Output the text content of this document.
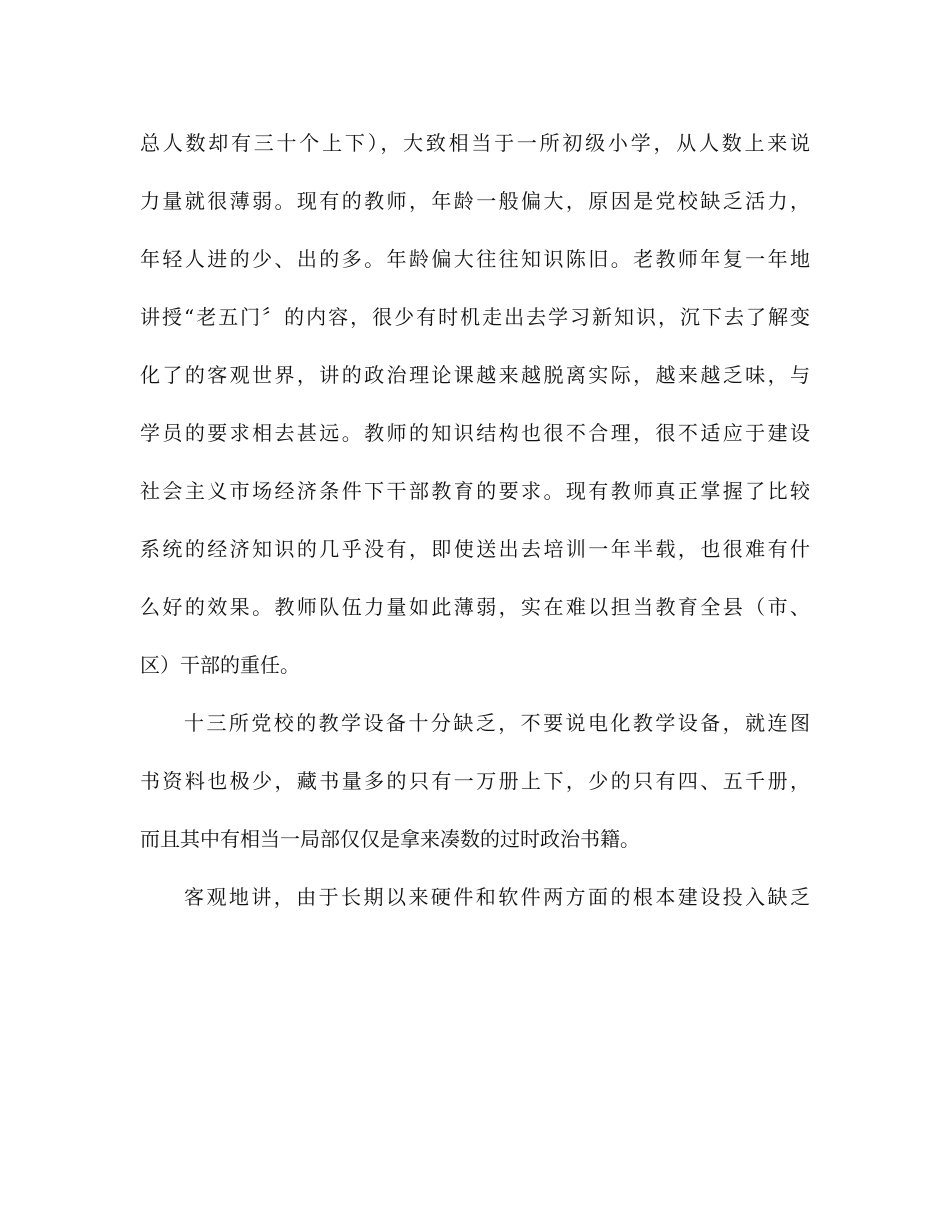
总人数却有三十个上下），大致相当于一所初级小学，从人数上来说
力量就很薄弱。现有的教师，年龄一般偏大，原因是党校缺乏活力，
年轻人进的少、出的多。年龄偏大往往知识陈旧。老教师年复一年地
讲授“老五门〞的内容，很少有时机走出去学习新知识，沉下去了解变
化了的客观世界，讲的政治理论课越来越脱离实际，越来越乏味，与
学员的要求相去甚远。教师的知识结构也很不合理，很不适应于建设
社会主义市场经济条件下干部教育的要求。现有教师真正掌握了比较
系统的经济知识的几乎没有，即使送出去培训一年半载，也很难有什
么好的效果。教师队伍力量如此薄弱，实在难以担当教育全县（市、
区）干部的重任。
十三所党校的教学设备十分缺乏，不要说电化教学设备，就连图
书资料也极少，藏书量多的只有一万册上下，少的只有四、五千册，
而且其中有相当一局部仅仅是拿来凑数的过时政治书籍。
客观地讲，由于长期以来硬件和软件两方面的根本建设投入缺乏
